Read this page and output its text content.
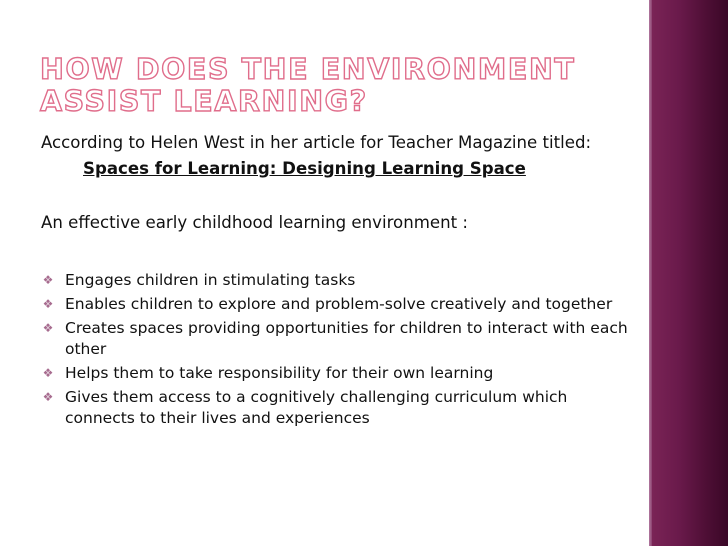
HOW DOES THE ENVIRONMENT ASSIST LEARNING?

According to Helen West in her article for Teacher Magazine titled:

Spaces for Learning: Designing Learning Space

An effective early childhood learning environment :

❖ Engages children in stimulating tasks
❖ Enables children to explore and problem-solve creatively and together
❖ Creates spaces providing opportunities for children to interact with each other
❖ Helps them to take responsibility for their own learning
❖ Gives them access to a cognitively challenging curriculum which connects to their lives and experiences
